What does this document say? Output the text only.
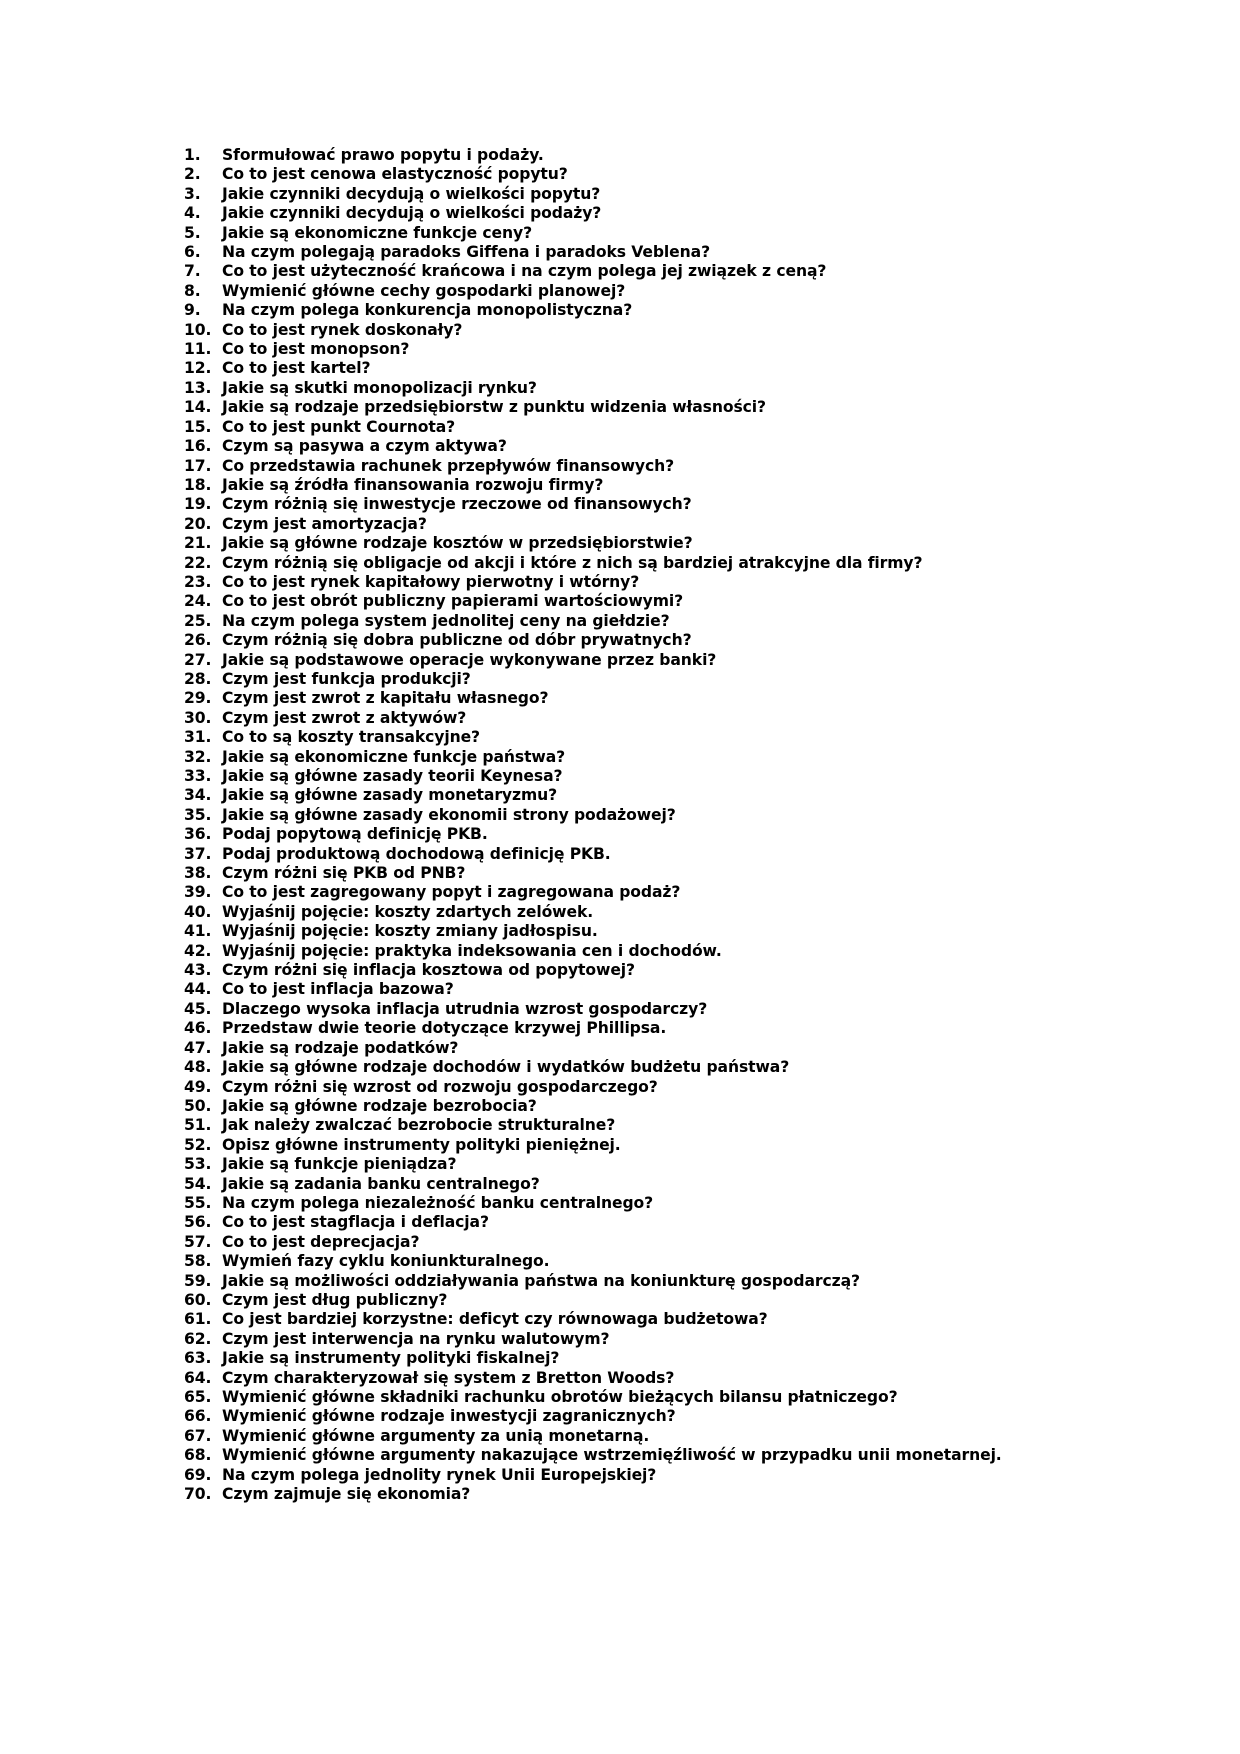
1.	Sformułować prawo popytu i podaży.
2.	Co to jest cenowa elastyczność popytu?
3.	Jakie czynniki decydują o wielkości popytu?
4.	Jakie czynniki decydują o wielkości podaży?
5.	Jakie są ekonomiczne funkcje ceny?
6.	Na czym polegają paradoks Giffena i paradoks Veblena?
7.	Co to jest użyteczność krańcowa i na czym polega jej związek z ceną?
8.	Wymienić główne cechy gospodarki planowej?
9.	Na czym polega konkurencja monopolistyczna?
10. Co to jest rynek doskonały?
11. Co to jest monopson?
12. Co to jest kartel?
13. Jakie są skutki monopolizacji rynku?
14. Jakie są rodzaje przedsiębiorstw z punktu widzenia własności?
15. Co to jest punkt Cournota?
16. Czym są pasywa a czym aktywa?
17. Co przedstawia rachunek przepływów finansowych?
18. Jakie są źródła finansowania rozwoju firmy?
19. Czym różnią się inwestycje rzeczowe od finansowych?
20. Czym jest amortyzacja?
21. Jakie są główne rodzaje kosztów w przedsiębiorstwie?
22. Czym różnią się obligacje od akcji i które z nich są bardziej atrakcyjne dla firmy?
23. Co to jest rynek kapitałowy pierwotny i wtórny?
24. Co to jest obrót publiczny papierami wartościowymi?
25. Na czym polega system jednolitej ceny na giełdzie?
26. Czym różnią się dobra publiczne od dóbr prywatnych?
27. Jakie są podstawowe operacje wykonywane przez banki?
28. Czym jest funkcja produkcji?
29. Czym jest zwrot z kapitału własnego?
30. Czym jest zwrot z aktywów?
31. Co to są koszty transakcyjne?
32. Jakie są ekonomiczne funkcje państwa?
33. Jakie są główne zasady teorii Keynesa?
34. Jakie są główne zasady monetaryzmu?
35. Jakie są główne zasady ekonomii strony podażowej?
36. Podaj popytową definicję PKB.
37. Podaj produktową dochodową definicję PKB.
38. Czym różni się PKB od PNB?
39. Co to jest zagregowany popyt i zagregowana podaż?
40. Wyjaśnij pojęcie: koszty zdartych zelówek.
41. Wyjaśnij pojęcie: koszty zmiany jadłospisu.
42. Wyjaśnij pojęcie: praktyka indeksowania cen i dochodów.
43. Czym różni się inflacja kosztowa od popytowej?
44. Co to jest inflacja bazowa?
45. Dlaczego wysoka inflacja utrudnia wzrost gospodarczy?
46. Przedstaw dwie teorie dotyczące krzywej Phillipsa.
47. Jakie są rodzaje podatków?
48. Jakie są główne rodzaje dochodów i wydatków budżetu państwa?
49. Czym różni się wzrost od rozwoju gospodarczego?
50. Jakie są główne rodzaje bezrobocia?
51. Jak należy zwalczać bezrobocie strukturalne?
52. Opisz główne instrumenty polityki pieniężnej.
53. Jakie są funkcje pieniądza?
54. Jakie są zadania banku centralnego?
55. Na czym polega niezależność banku centralnego?
56. Co to jest stagflacja i deflacja?
57. Co to jest deprecjacja?
58. Wymień fazy cyklu koniunkturalnego.
59. Jakie są możliwości oddziaływania państwa na koniunkturę gospodarczą?
60. Czym jest dług publiczny?
61. Co jest bardziej korzystne: deficyt czy równowaga budżetowa?
62. Czym jest interwencja na rynku walutowym?
63. Jakie są instrumenty polityki fiskalnej?
64. Czym charakteryzował się system z Bretton Woods?
65. Wymienić główne składniki rachunku obrotów bieżących bilansu płatniczego?
66. Wymienić główne rodzaje inwestycji zagranicznych?
67. Wymienić główne argumenty za unią monetarną.
68. Wymienić główne argumenty nakazujące wstrzemięźliwość w przypadku unii monetarnej.
69. Na czym polega jednolity rynek Unii Europejskiej?
70. Czym zajmuje się ekonomia?
